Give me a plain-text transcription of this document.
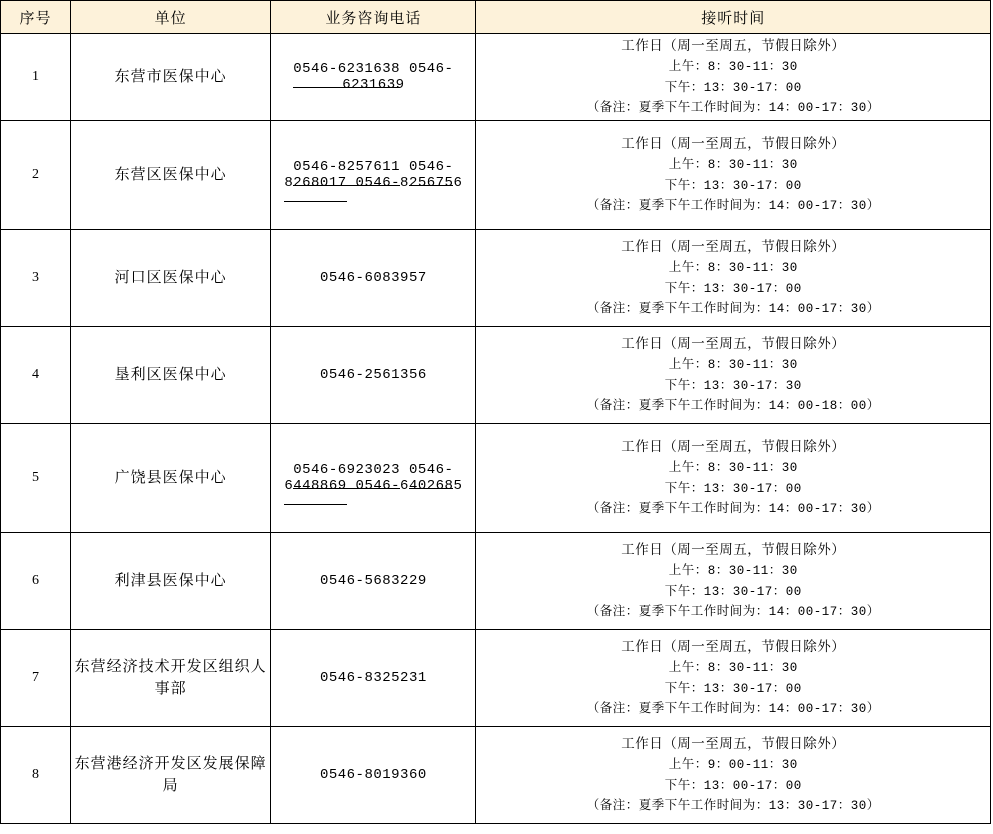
序号	单位	业务咨询电话	接听时间
1	东营市医保中心	0546-6231638 0546-6231639	工作日（周一至周五，节假日除外）
上午：8：30-11：30
下午：13：30-17：00
（备注：夏季下午工作时间为：14：00-17：30）

2	东营区医保中心	0546-8257611 0546-8268017 0546-8256756	工作日（周一至周五，节假日除外）
上午：8：30-11：30
下午：13：30-17：00
（备注：夏季下午工作时间为：14：00-17：30）

3	河口区医保中心	0546-6083957	工作日（周一至周五，节假日除外）
上午：8：30-11：30
下午：13：30-17：00
（备注：夏季下午工作时间为：14：00-17：30）

4	垦利区医保中心	0546-2561356	工作日（周一至周五，节假日除外）
上午：8：30-11：30
下午：13：30-17：30
（备注：夏季下午工作时间为：14：00-18：00）

5	广饶县医保中心	0546-6923023 0546-6448869 0546-6402685	工作日（周一至周五，节假日除外）
上午：8：30-11：30
下午：13：30-17：00
（备注：夏季下午工作时间为：14：00-17：30）

6	利津县医保中心	0546-5683229	工作日（周一至周五，节假日除外）
上午：8：30-11：30
下午：13：30-17：00
（备注：夏季下午工作时间为：14：00-17：30）

7	东营经济技术开发区组织人事部	0546-8325231	工作日（周一至周五，节假日除外）
上午：8：30-11：30
下午：13：30-17：00
（备注：夏季下午工作时间为：14：00-17：30）

8	东营港经济开发区发展保障局	0546-8019360	工作日（周一至周五，节假日除外）
上午：9：00-11：30
下午：13：00-17：00
（备注：夏季下午工作时间为：13：30-17：30）
